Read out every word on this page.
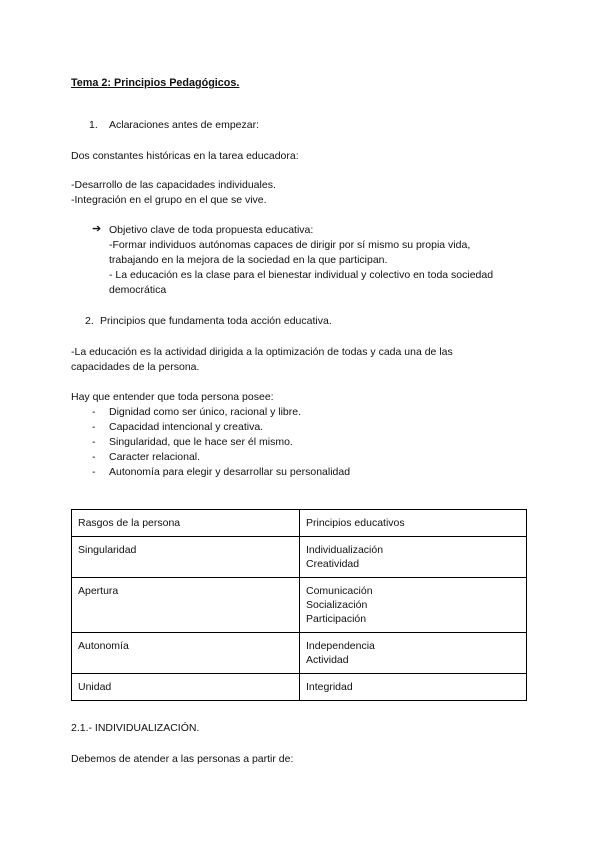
Tema 2: Principios Pedagógicos.
1. Aclaraciones antes de empezar:
Dos constantes históricas en la tarea educadora:
-Desarrollo de las capacidades individuales.
-Integración en el grupo en el que se vive.
➔ Objetivo clave de toda propuesta educativa:
-Formar individuos autónomas capaces de dirigir por sí mismo su propia vida,
trabajando en la mejora de la sociedad en la que participan.
- La educación es la clase para el bienestar individual y colectivo en toda sociedad
democrática
2. Principios que fundamenta toda acción educativa.
-La educación es la actividad dirigida a la optimización de todas y cada una de las
capacidades de la persona.
Hay que entender que toda persona posee:
- Dignidad como ser único, racional y libre.
- Capacidad intencional y creativa.
- Singularidad, que le hace ser él mismo.
- Caracter relacional.
- Autonomía para elegir y desarrollar su personalidad
Rasgos de la persona	Principios educativos
Singularidad	Individualización
Creatividad

Apertura	Comunicación
Socialización
Participación

Autonomía	Independencia
Actividad

Unidad	Integridad
2.1.- INDIVIDUALIZACIÓN.
Debemos de atender a las personas a partir de:
